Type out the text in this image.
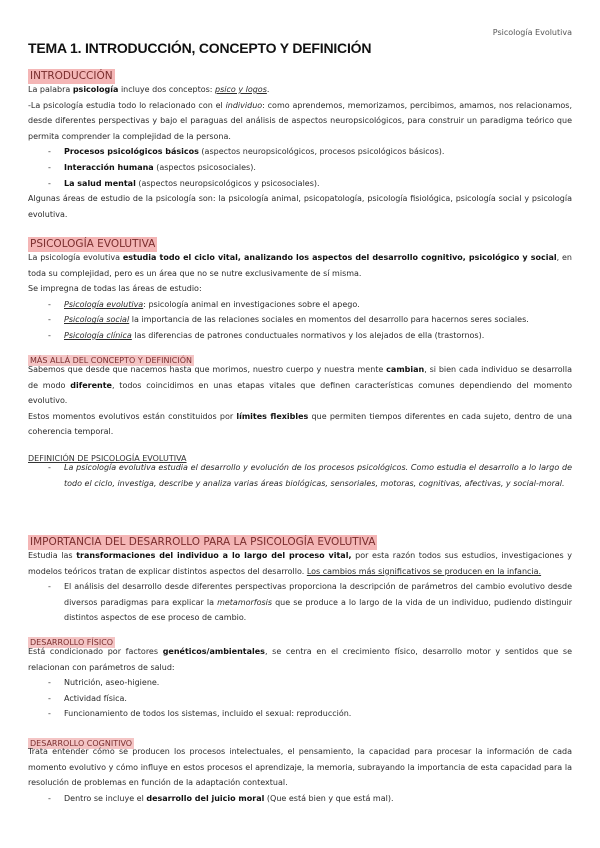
Psicología Evolutiva
TEMA 1. INTRODUCCIÓN, CONCEPTO Y DEFINICIÓN
INTRODUCCIÓN

La palabra psicología incluye dos conceptos: psico y logos.

-La psicología estudia todo lo relacionado con el individuo: como aprendemos, memorizamos, percibimos, amamos, nos relacionamos, desde diferentes perspectivas y bajo el paraguas del análisis de aspectos neuropsicológicos, para construir un paradigma teórico que permita comprender la complejidad de la persona.

- Procesos psicológicos básicos (aspectos neuropsicológicos, procesos psicológicos básicos).
- Interacción humana (aspectos psicosociales).
- La salud mental (aspectos neuropsicológicos y psicosociales).

Algunas áreas de estudio de la psicología son: la psicología animal, psicopatología, psicología fisiológica, psicología social y psicología evolutiva.

PSICOLOGÍA EVOLUTIVA

La psicología evolutiva estudia todo el ciclo vital, analizando los aspectos del desarrollo cognitivo, psicológico y social, en toda su complejidad, pero es un área que no se nutre exclusivamente de sí misma.

Se impregna de todas las áreas de estudio:

- Psicología evolutiva: psicología animal en investigaciones sobre el apego.
- Psicología social la importancia de las relaciones sociales en momentos del desarrollo para hacernos seres sociales.
- Psicología clínica las diferencias de patrones conductuales normativos y los alejados de ella (trastornos).
MÁS ALLÁ DEL CONCEPTO Y DEFINICIÓN

Sabemos que desde que nacemos hasta que morimos, nuestro cuerpo y nuestra mente cambian, si bien cada individuo se desarrolla de modo diferente, todos coincidimos en unas etapas vitales que definen características comunes dependiendo del momento evolutivo.

Estos momentos evolutivos están constituidos por límites flexibles que permiten tiempos diferentes en cada sujeto, dentro de una coherencia temporal.

DEFINICIÓN DE PSICOLOGÍA EVOLUTIVA
- La psicología evolutiva estudia el desarrollo y evolución de los procesos psicológicos. Como estudia el desarrollo a lo largo de todo el ciclo, investiga, describe y analiza varias áreas biológicas, sensoriales, motoras, cognitivas, afectivas, y social-moral.
IMPORTANCIA DEL DESARROLLO PARA LA PSICOLOGÍA EVOLUTIVA

Estudia las transformaciones del individuo a lo largo del proceso vital, por esta razón todos sus estudios, investigaciones y modelos teóricos tratan de explicar distintos aspectos del desarrollo. Los cambios más significativos se producen en la infancia.

- El análisis del desarrollo desde diferentes perspectivas proporciona la descripción de parámetros del cambio evolutivo desde diversos paradigmas para explicar la metamorfosis que se produce a lo largo de la vida de un individuo, pudiendo distinguir distintos aspectos de ese proceso de cambio.
DESARROLLO FÍSICO

Está condicionado por factores genéticos/ambientales, se centra en el crecimiento físico, desarrollo motor y sentidos que se relacionan con parámetros de salud:

- Nutrición, aseo-higiene.
- Actividad física.
- Funcionamiento de todos los sistemas, incluido el sexual: reproducción.
DESARROLLO COGNITIVO

Trata entender cómo se producen los procesos intelectuales, el pensamiento, la capacidad para procesar la información de cada momento evolutivo y cómo influye en estos procesos el aprendizaje, la memoria, subrayando la importancia de esta capacidad para la resolución de problemas en función de la adaptación contextual.

- Dentro se incluye el desarrollo del juicio moral (Que está bien y que está mal).
